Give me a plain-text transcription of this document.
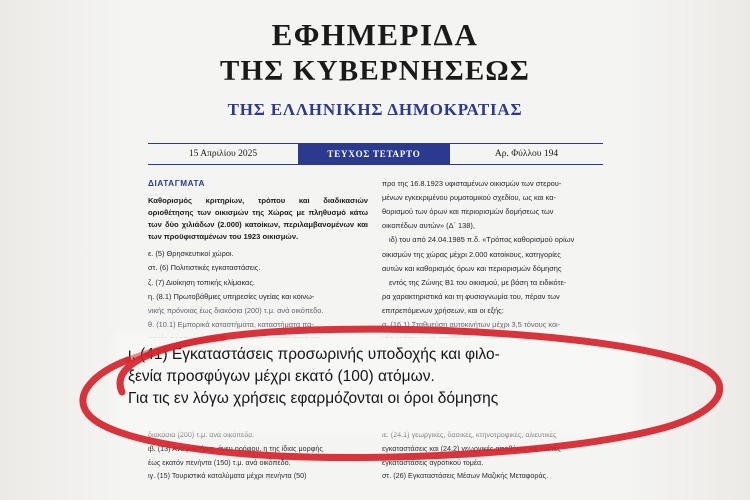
ΕΦΗΜΕΡΙΔΑ
ΤΗΣ ΚΥΒΕΡΝΗΣΕΩΣ
ΤΗΣ ΕΛΛΗΝΙΚΗΣ ΔΗΜΟΚΡΑΤΙΑΣ
15 Απριλίου 2025	ΤΕΥΧΟΣ ΤΕΤΑΡΤΟ	Αρ. Φύλλου 194
ΔΙΑΤΑΓΜΑΤΑ
Καθορισμός κριτηρίων, τρόπου και διαδικασιών οριοθέτησης των οικισμών της Χώρας με πληθυσμό κάτω των δύο χιλιάδων (2.000) κατοίκων, περιλαμβανομένων και των προϋφισταμένων του 1923 οικισμών.

ε. (5) Θρησκευτικοί χώροι.

στ. (6) Πολιτιστικές εγκαταστάσεις.

ζ. (7) Διοίκηση τοπικής κλίμακας.

η. (8.1) Πρωτοβάθμιες υπηρεσίες υγείας και κοινω-

νικής πρόνοιας έως διακόσια (200) τ.μ. ανά οικόπεδο.

θ. (10.1) Εμπορικά καταστήματα, καταστήματα πα-

προ της 16.8.1923 υφισταμένων οικισμών των στερου-

μένων εγκεκριμένου ρυμοτομικού σχεδίου, ως και κα-

θορισμού των όρων και περιορισμών δομήσεως των

οικοπέδων αυτών» (Δ΄ 138),

ιδ) του από 24.04.1985 π.δ. «Τρόπος καθορισμού ορίων

οικισμών της χώρας μέχρι 2.000 κατοίκους, κατηγορίες

αυτών και καθορισμός όρων και περιορισμών δόμησης

εντός της Ζώνης Β1 του οικισμού, με βάση τα ειδικότε-

ρα χαρακτηριστικά και τη φυσιογνωμία του, πέραν των

επιτρεπόμενων χρήσεων, και οι εξής:

α. (16.1) Σταθμεύση αυτοκινήτων μέχρι 3,5 τόνους κοι-

διακόσια (200) τ.μ. ανά οικόπεδο.

ιβ. (13) Αναψυκτήρια, άνευ ορόφου, η της ίδιας μορφής

έως εκατόν πενήντα (150) τ.μ. ανά οικόπεδο.

ιγ. (15) Τουριστικά καταλύματα μέχρι πενήντα (50)

ιε. (24.1) γεωργικές, δασικές, κτηνοτροφικές, αλιευτικές

εγκαταστάσεις και (24.2) γεωργικές αποθήκες και λοιπές

εγκαταστάσεις αγροτικού τομέα.

στ. (26) Εγκαταστάσεις Μέσων Μαζικής Μεταφοράς.

ι. (41) Εγκαταστάσεις προσωρινής υποδοχής και φιλο-
ξενία προσφύγων μέχρι εκατό (100) ατόμων.
Για τις εν λόγω χρήσεις εφαρμόζονται οι όροι δόμησης
